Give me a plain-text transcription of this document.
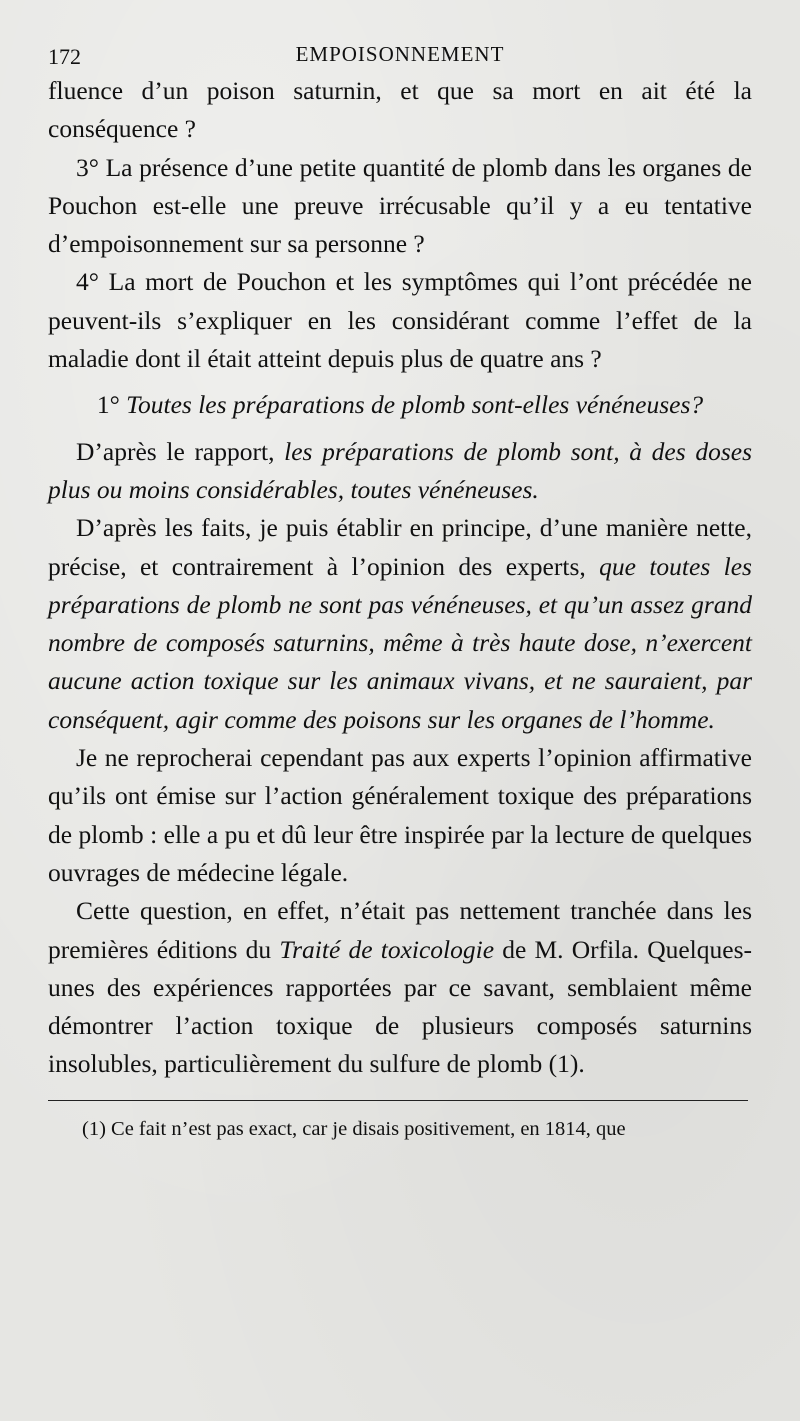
172	EMPOISONNEMENT

fluence d’un poison saturnin, et que sa mort en ait été la conséquence ?

3° La présence d’une petite quantité de plomb dans les organes de Pouchon est-elle une preuve irrécusable qu’il y a eu tentative d’empoisonnement sur sa personne ?

4° La mort de Pouchon et les symptômes qui l’ont précédée ne peuvent-ils s’expliquer en les considérant comme l’effet de la maladie dont il était atteint depuis plus de quatre ans ?

1° Toutes les préparations de plomb sont-elles vénéneuses?

D’après le rapport, les préparations de plomb sont, à des doses plus ou moins considérables, toutes vénéneuses.

D’après les faits, je puis établir en principe, d’une manière nette, précise, et contrairement à l’opinion des experts, que toutes les préparations de plomb ne sont pas vénéneuses, et qu’un assez grand nombre de composés saturnins, même à très haute dose, n’exercent aucune action toxique sur les animaux vivans, et ne sauraient, par conséquent, agir comme des poisons sur les organes de l’homme.

Je ne reprocherai cependant pas aux experts l’opinion affirmative qu’ils ont émise sur l’action généralement toxique des préparations de plomb : elle a pu et dû leur être inspirée par la lecture de quelques ouvrages de médecine légale.

Cette question, en effet, n’était pas nettement tranchée dans les premières éditions du Traité de toxicologie de M. Orfila. Quelques-unes des expériences rapportées par ce savant, semblaient même démontrer l’action toxique de plusieurs composés saturnins insolubles, particulièrement du sulfure de plomb (1).

(1) Ce fait n’est pas exact, car je disais positivement, en 1814, que
